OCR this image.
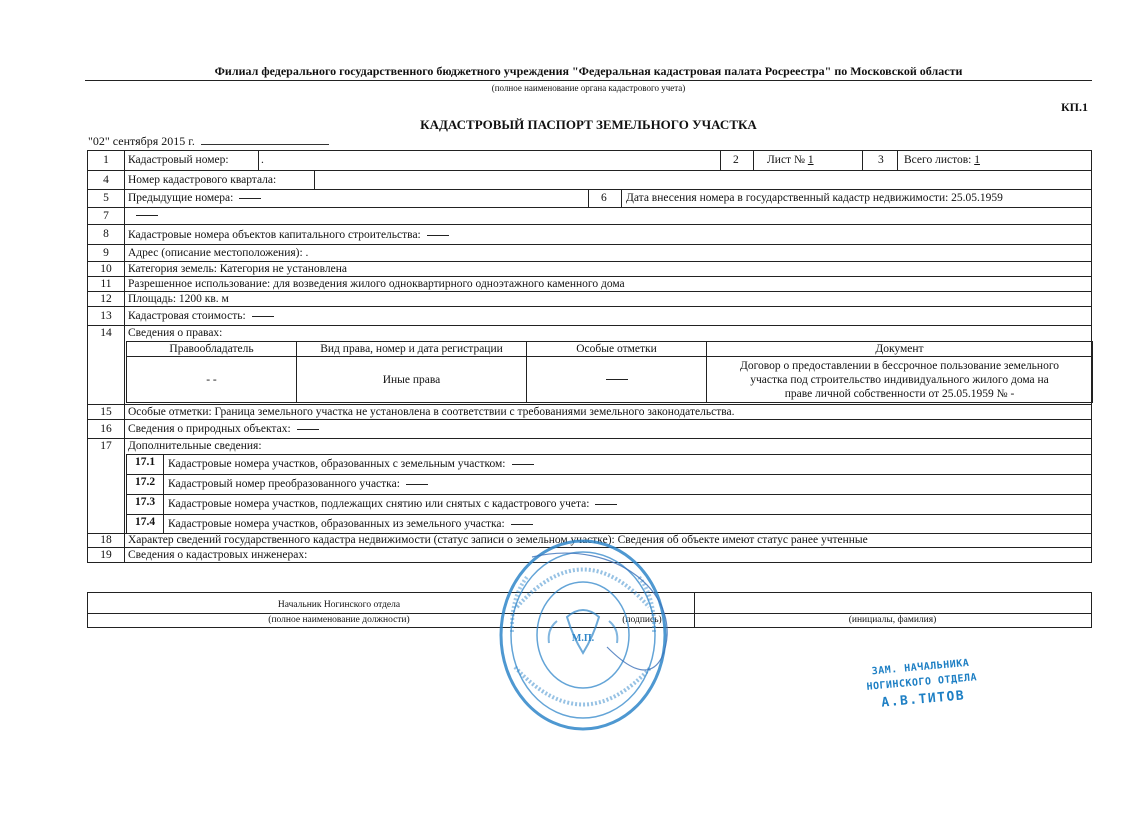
Филиал федерального государственного бюджетного учреждения "Федеральная кадастровая палата Росреестра" по Московской области
(полное наименование органа кадастрового учета)
КП.1
КАДАСТРОВЫЙ ПАСПОРТ ЗЕМЕЛЬНОГО УЧАСТКА
"02" сентября 2015 г.
1	Кадастровый номер:	.	2 Лист № 1	3 Всего листов: 1
4	Номер кадастрового квартала:
5	Предыдущие номера:	6 Дата внесения номера в государственный кадастр недвижимости: 25.05.1959
7
8	Кадастровые номера объектов капитального строительства:
9	Адрес (описание местоположения): .
10	Категория земель: Категория не установлена
11	Разрешенное использование: для возведения жилого одноквартирного одноэтажного каменного дома
12	Площадь: 1200 кв. м
13	Кадастровая стоимость:
14	Сведения о правах:
Правообладатель	Вид права, номер и дата регистрации	Особые отметки	Документ
- -	Иные права		Договор о предоставлении в бессрочное пользование земельного
участка под строительство индивидуального жилого дома на
праве личной собственности от 25.05.1959 № -
15	Особые отметки: Граница земельного участка не установлена в соответствии с требованиями земельного законодательства.
16	Сведения о природных объектах:
17	Дополнительные сведения:
17.1	Кадастровые номера участков, образованных с земельным участком:
17.2	Кадастровый номер преобразованного участка:
17.3	Кадастровые номера участков, подлежащих снятию или снятых с кадастрового учета:
17.4	Кадастровые номера участков, образованных из земельного участка:
18	Характер сведений государственного кадастра недвижимости (статус записи о земельном участке): Сведения об объекте имеют статус ранее учтенные
19	Сведения о кадастровых инженерах:
Начальник Ногинского отдела
(полное наименование должности)	(подпись)	(инициалы, фамилия)
М.П.
ЗАМ. НАЧАЛЬНИКА
НОГИНСКОГО ОТДЕЛА
А.В.ТИТОВ
